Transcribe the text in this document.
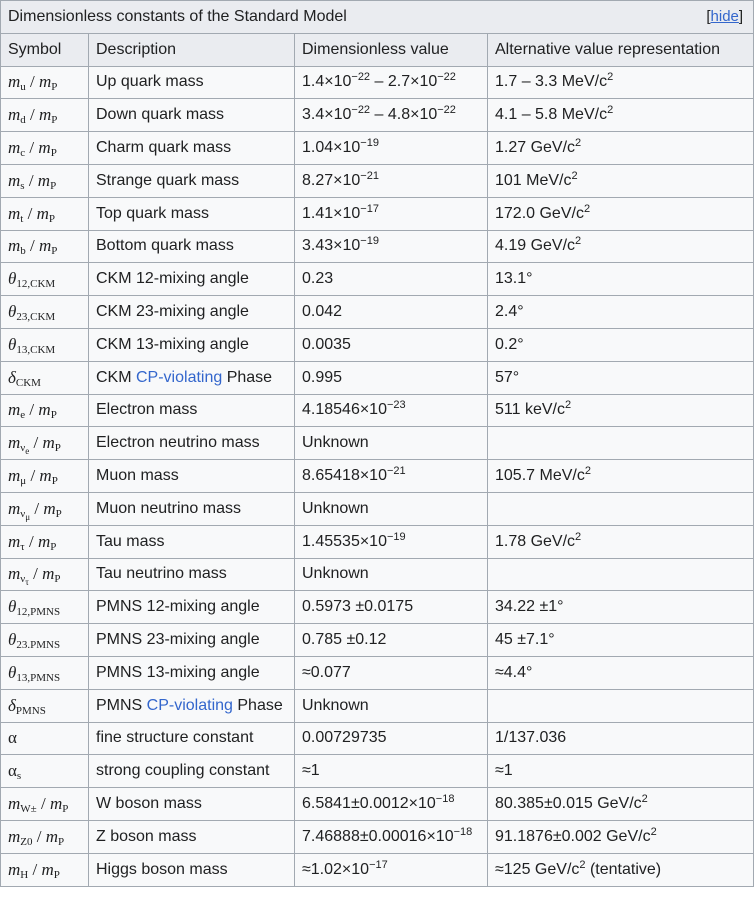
Dimensionless constants of the Standard Model [hide]			

Symbol	Description	Dimensionless value	Alternative value representation
$m_u / m_P$	Up quark mass	$1.4\times 10^{-22} - 2.7\times 10^{-22}$	1.7 – 3.3 MeV/$c^2$
$m_d / m_P$	Down quark mass	$3.4\times 10^{-22} - 4.8\times 10^{-22}$	4.1 – 5.8 MeV/$c^2$
$m_c / m_P$	Charm quark mass	$1.04\times 10^{-19}$	1.27 GeV/$c^2$
$m_s / m_P$	Strange quark mass	$8.27\times 10^{-21}$	101 MeV/$c^2$
$m_t / m_P$	Top quark mass	$1.41\times 10^{-17}$	172.0 GeV/$c^2$
$m_b / m_P$	Bottom quark mass	$3.43\times 10^{-19}$	4.19 GeV/$c^2$
$\theta_{12,CKM}$	CKM 12-mixing angle	0.23	13.1°
$\theta_{23,CKM}$	CKM 23-mixing angle	0.042	2.4°
$\theta_{13,CKM}$	CKM 13-mixing angle	0.0035	0.2°
$\delta_{CKM}$	CKM CP-violating Phase	0.995	57°
$m_e / m_P$	Electron mass	$4.18546\times 10^{-23}$	511 keV/$c^2$
$m_{\nu_e} / m_P$	Electron neutrino mass	Unknown	
$m_\mu / m_P$	Muon mass	$8.65418\times 10^{-21}$	105.7 MeV/$c^2$
$m_{\nu_\mu} / m_P$	Muon neutrino mass	Unknown	
$m_\tau / m_P$	Tau mass	$1.45535\times 10^{-19}$	1.78 GeV/$c^2$
$m_{\nu_\tau} / m_P$	Tau neutrino mass	Unknown	
$\theta_{12,PMNS}$	PMNS 12-mixing angle	0.5973 ±0.0175	34.22 ±1°
$\theta_{23.PMNS}$	PMNS 23-mixing angle	0.785 ±0.12	45 ±7.1°
$\theta_{13,PMNS}$	PMNS 13-mixing angle	≈0.077	≈4.4°
$\delta_{PMNS}$	PMNS CP-violating Phase	Unknown	
α	fine structure constant	0.00729735	1/137.036
$\alpha_s$	strong coupling constant	≈1	≈1
$m_{W\pm} / m_P$	W boson mass	$6.5841\pm 0.0012\times 10^{-18}$	80.385±0.015 GeV/$c^2$
$m_{Z0} / m_P$	Z boson mass	$7.46888\pm 0.00016\times 10^{-18}$	91.1876±0.002 GeV/$c^2$
$m_H / m_P$	Higgs boson mass	$\approx 1.02\times 10^{-17}$	≈125 GeV/$c^2$ (tentative)
